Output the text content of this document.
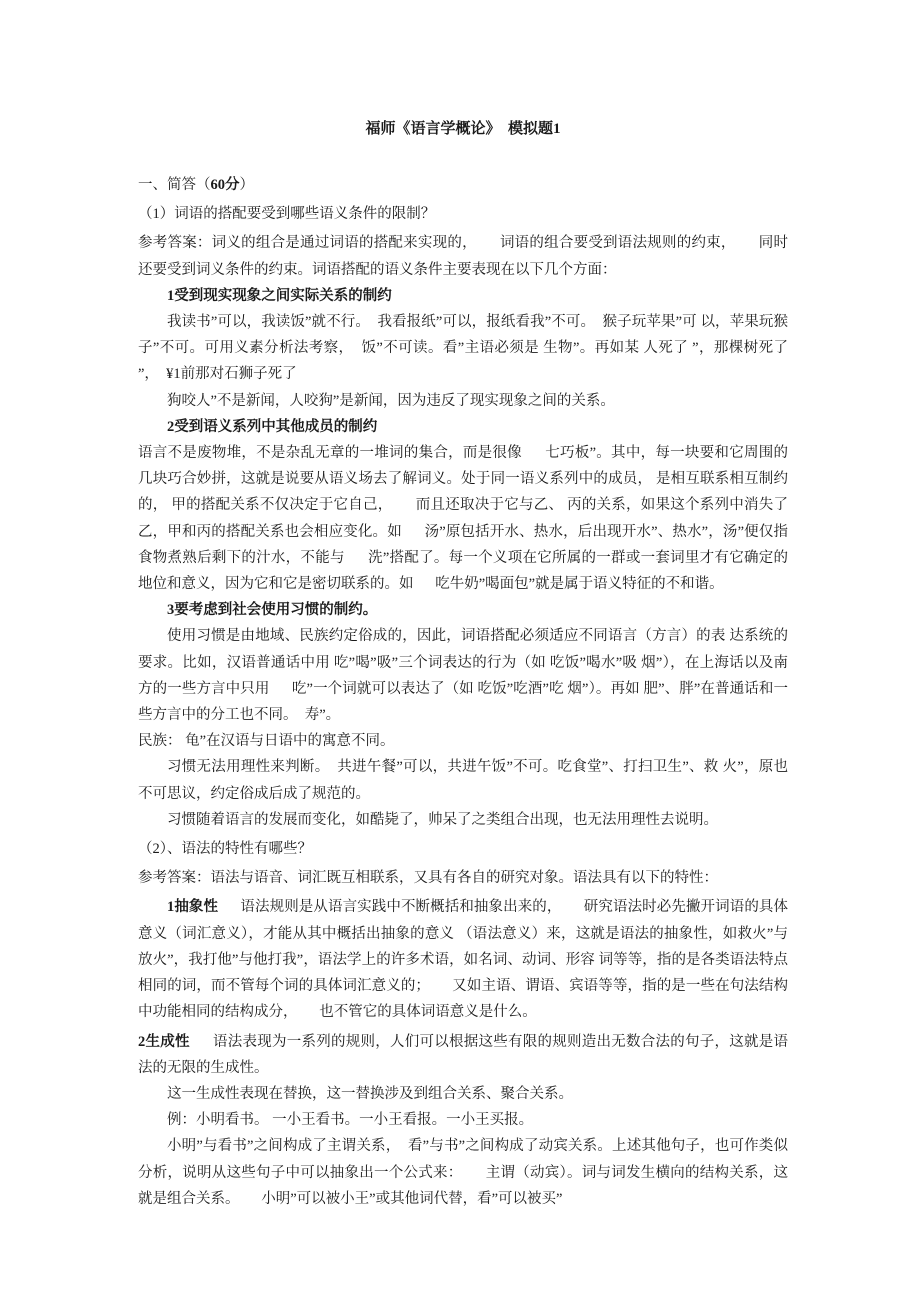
福师《语言学概论》  模拟题1

一、简答（60分）

（1）词语的搭配要受到哪些语义条件的限制？

参考答案：词义的组合是通过词语的搭配来实现的，      词语的组合要受到语法规则的约束，      同时还要受到词义条件的约束。词语搭配的语义条件主要表现在以下几个方面：

1受到现实现象之间实际关系的制约

我读书”可以，我读饭”就不行。  我看报纸”可以，报纸看我”不可。  猴子玩苹果”可 以，苹果玩猴子”不可。可用义素分析法考察，  饭”不可读。看”主语必须是 生物”。再如某 人死了 ”，那棵树死了 ”，  ¥1前那对石狮子死了

狗咬人”不是新闻，人咬狗”是新闻，因为违反了现实现象之间的关系。

2受到语义系列中其他成员的制约

语言不是废物堆，不是杂乱无章的一堆词的集合，而是很像      七巧板”。其中，每一块要和它周围的几块巧合妙拼，这就是说要从语义场去了解词义。处于同一语义系列中的成员， 是相互联系相互制约的， 甲的搭配关系不仅决定于它自己，      而且还取决于它与乙、 丙的关系，如果这个系列中消失了乙，甲和丙的搭配关系也会相应变化。如      汤”原包括开水、热水，后出现开水”、热水”，汤”便仅指食物煮熟后剩下的汁水，不能与      洗”搭配了。每一个义项在它所属的一群或一套词里才有它确定的地位和意义，因为它和它是密切联系的。如      吃牛奶”喝面包”就是属于语义特征的不和谐。

3要考虑到社会使用习惯的制约。

使用习惯是由地域、民族约定俗成的，因此，词语搭配必须适应不同语言（方言）的表 达系统的要求。比如，汉语普通话中用 吃”喝”吸”三个词表达的行为（如 吃饭”喝水”吸 烟”），在上海话以及南方的一些方言中只用      吃”一个词就可以表达了（如 吃饭”吃酒”吃 烟”）。再如 肥”、胖”在普通话和一些方言中的分工也不同。  寿”。

民族： 龟”在汉语与日语中的寓意不同。

习惯无法用理性来判断。  共进午餐”可以，共进午饭”不可。吃食堂”、打扫卫生”、救 火”，原也不可思议，约定俗成后成了规范的。

习惯随着语言的发展而变化，如酷毙了，帅呆了之类组合出现，也无法用理性去说明。

（2）、语法的特性有哪些？

参考答案：语法与语音、词汇既互相联系，又具有各自的研究对象。语法具有以下的特性：

1抽象性      语法规则是从语言实践中不断概括和抽象出来的，      研究语法时必先撇开词语的具体意义（词汇意义），才能从其中概括出抽象的意义 （语法意义）来，这就是语法的抽象性，如救火”与放火”，我打他”与他打我”，语法学上的许多术语，如名词、动词、形容 词等等，指的是各类语法特点相同的词，而不管每个词的具体词汇意义的；      又如主语、谓语、宾语等等，指的是一些在句法结构中功能相同的结构成分，      也不管它的具体词语意义是什么。

2生成性      语法表现为一系列的规则，人们可以根据这些有限的规则造出无数合法的句子，这就是语法的无限的生成性。

这一生成性表现在替换，这一替换涉及到组合关系、聚合关系。

例：小明看书。 一小王看书。一小王看报。一小王买报。

小明”与看书”之间构成了主谓关系，  看”与书”之间构成了动宾关系。上述其他句子，也可作类似分析，说明从这些句子中可以抽象出一个公式来：      主谓（动宾）。词与词发生横向的结构关系，这就是组合关系。      小明”可以被小王”或其他词代替，看”可以被买”
